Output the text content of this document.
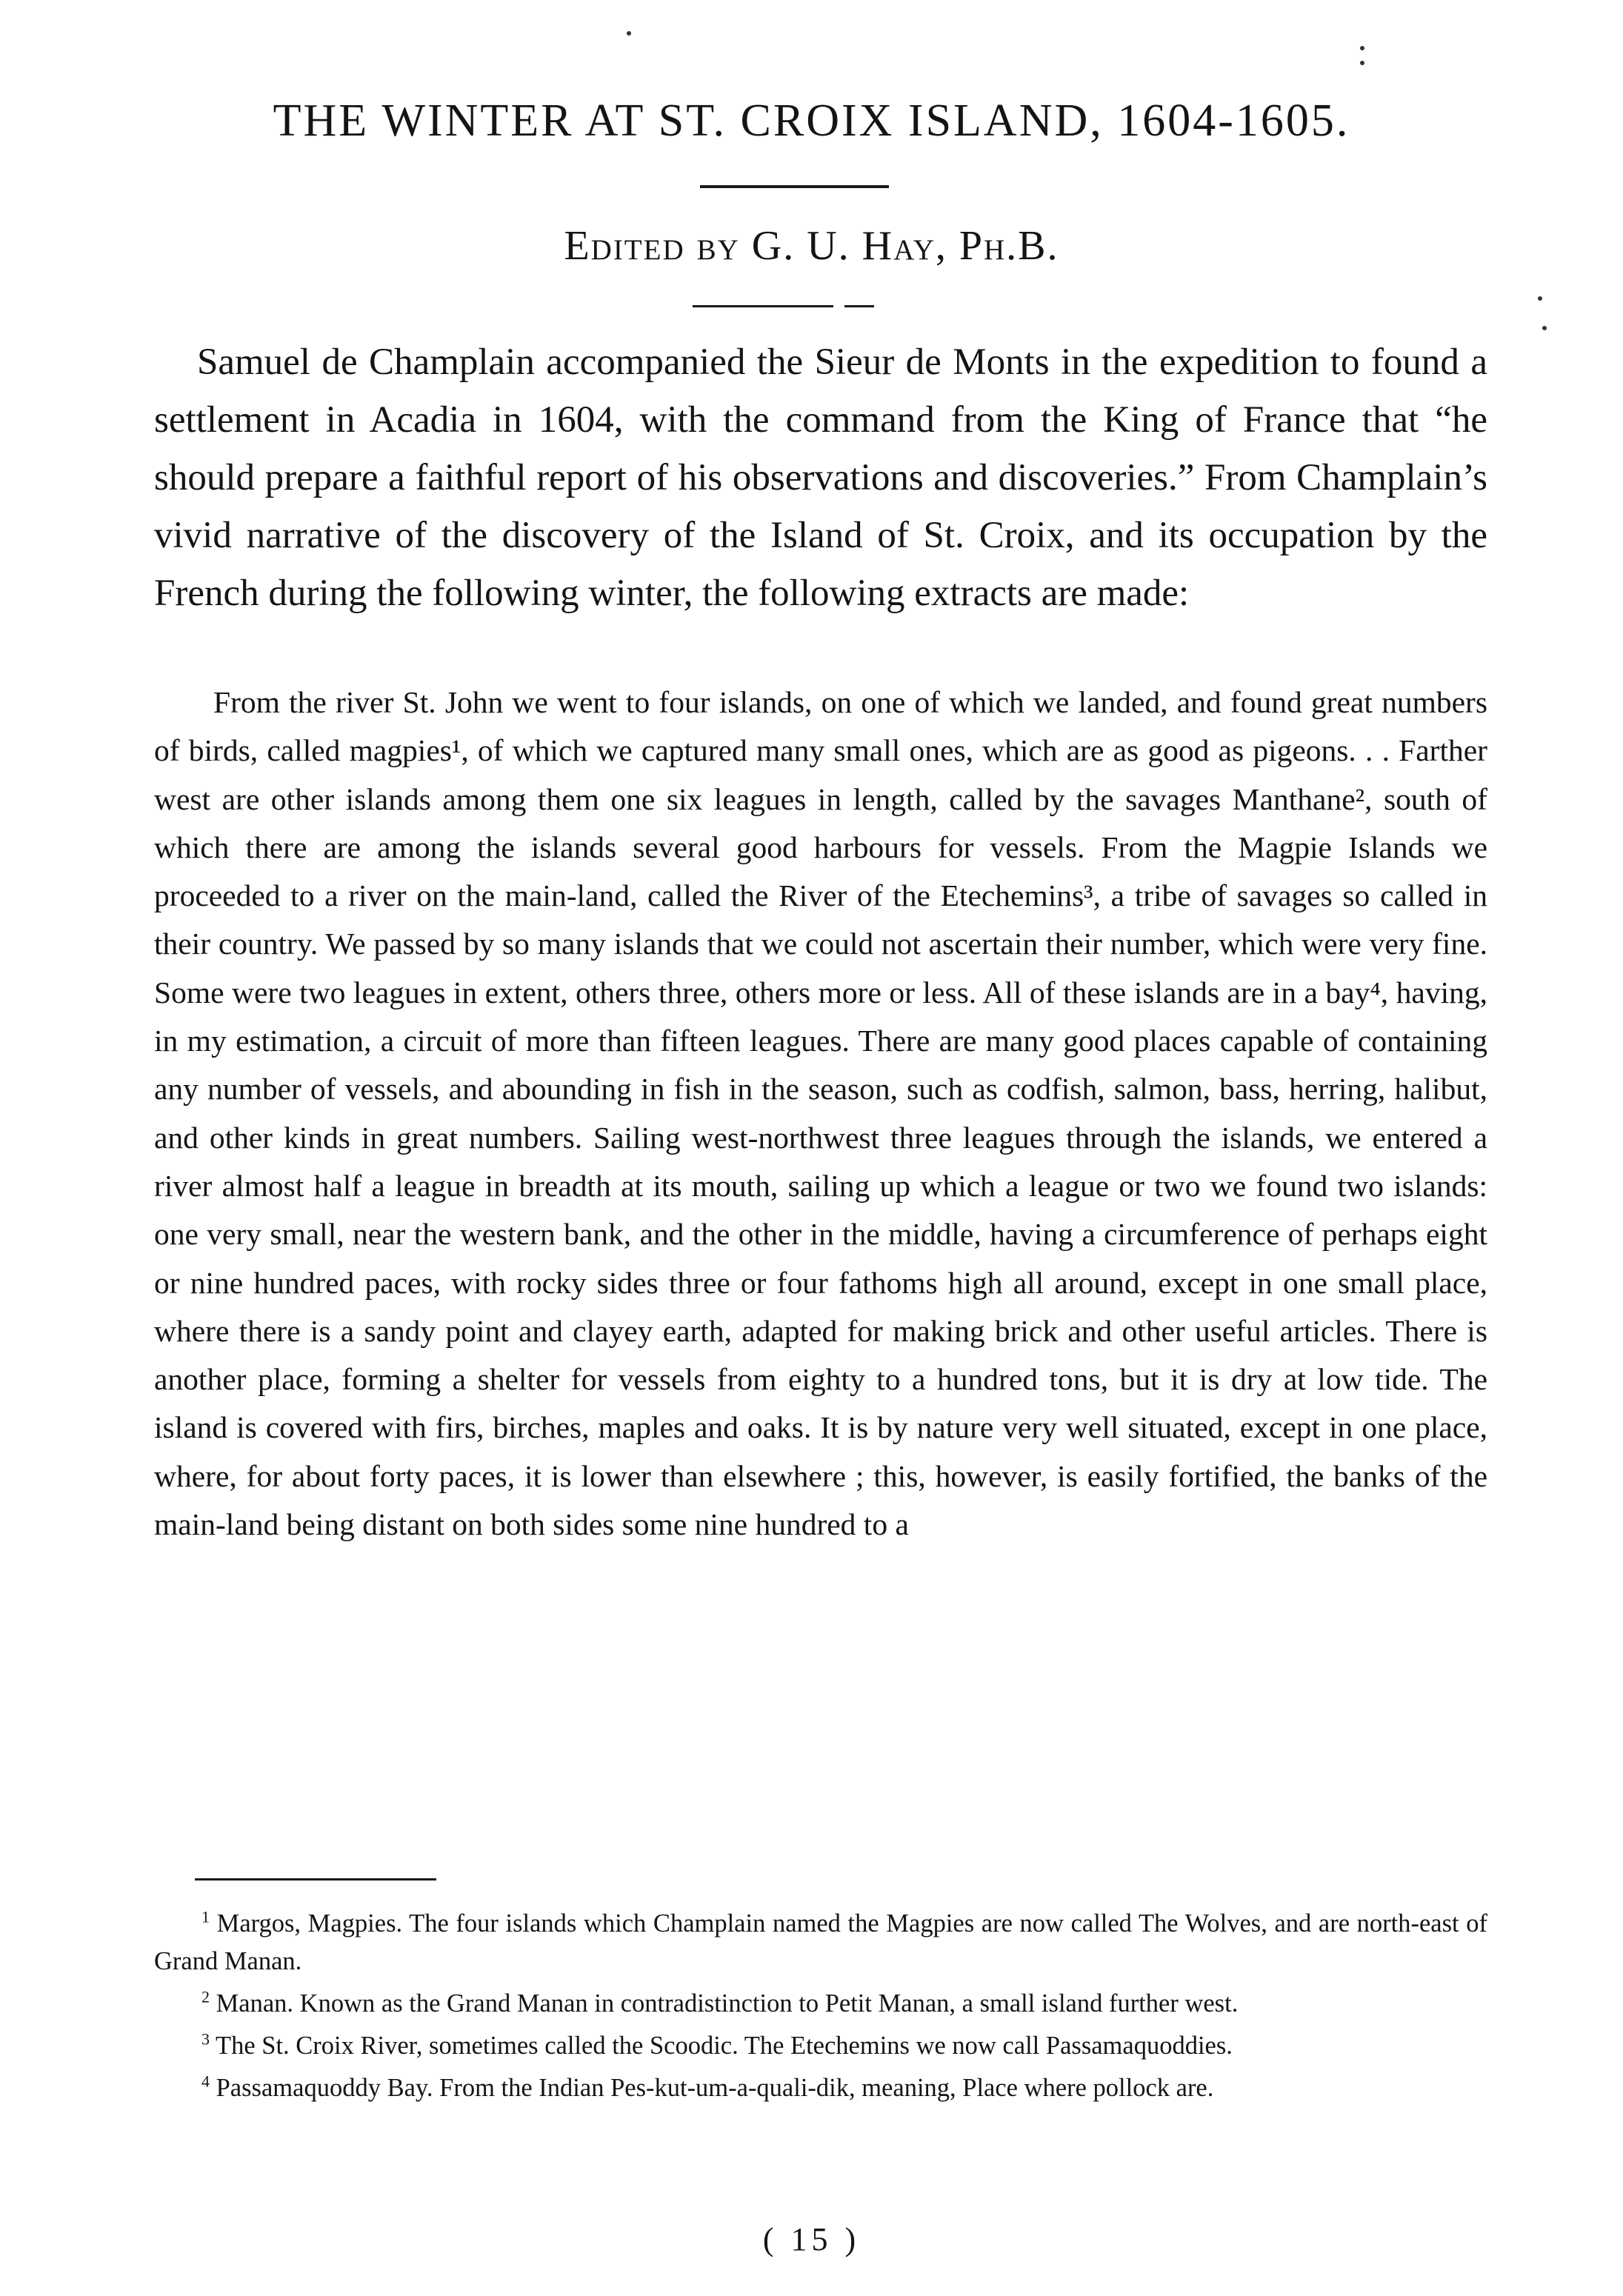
THE WINTER AT ST. CROIX ISLAND, 1604-1605.

Edited by G. U. Hay, Ph.B.

Samuel de Champlain accompanied the Sieur de Monts in the expedition to found a settlement in Acadia in 1604, with the command from the King of France that “he should prepare a faithful report of his observations and discoveries.” From Champlain’s vivid narrative of the discovery of the Island of St. Croix, and its occupation by the French during the following winter, the following extracts are made:

From the river St. John we went to four islands, on one of which we landed, and found great numbers of birds, called magpies¹, of which we captured many small ones, which are as good as pigeons. . . Farther west are other islands among them one six leagues in length, called by the savages Manthane², south of which there are among the islands several good harbours for vessels. From the Magpie Islands we proceeded to a river on the main-land, called the River of the Etechemins³, a tribe of savages so called in their country. We passed by so many islands that we could not ascertain their number, which were very fine. Some were two leagues in extent, others three, others more or less. All of these islands are in a bay⁴, having, in my estimation, a circuit of more than fifteen leagues. There are many good places capable of containing any number of vessels, and abounding in fish in the season, such as codfish, salmon, bass, herring, halibut, and other kinds in great numbers. Sailing west-northwest three leagues through the islands, we entered a river almost half a league in breadth at its mouth, sailing up which a league or two we found two islands: one very small, near the western bank, and the other in the middle, having a circumference of perhaps eight or nine hundred paces, with rocky sides three or four fathoms high all around, except in one small place, where there is a sandy point and clayey earth, adapted for making brick and other useful articles. There is another place, forming a shelter for vessels from eighty to a hundred tons, but it is dry at low tide. The island is covered with firs, birches, maples and oaks. It is by nature very well situated, except in one place, where, for about forty paces, it is lower than elsewhere ; this, however, is easily fortified, the banks of the main-land being distant on both sides some nine hundred to a

$^1$ Margos, Magpies. The four islands which Champlain named the Magpies are now called The Wolves, and are north-east of Grand Manan.

$^2$ Manan. Known as the Grand Manan in contradistinction to Petit Manan, a small island further west.

$^3$ The St. Croix River, sometimes called the Scoodic. The Etechemins we now call Passamaquoddies.

$^4$ Passamaquoddy Bay. From the Indian Pes-kut-um-a-quali-dik, meaning, Place where pollock are.

( 15 )
